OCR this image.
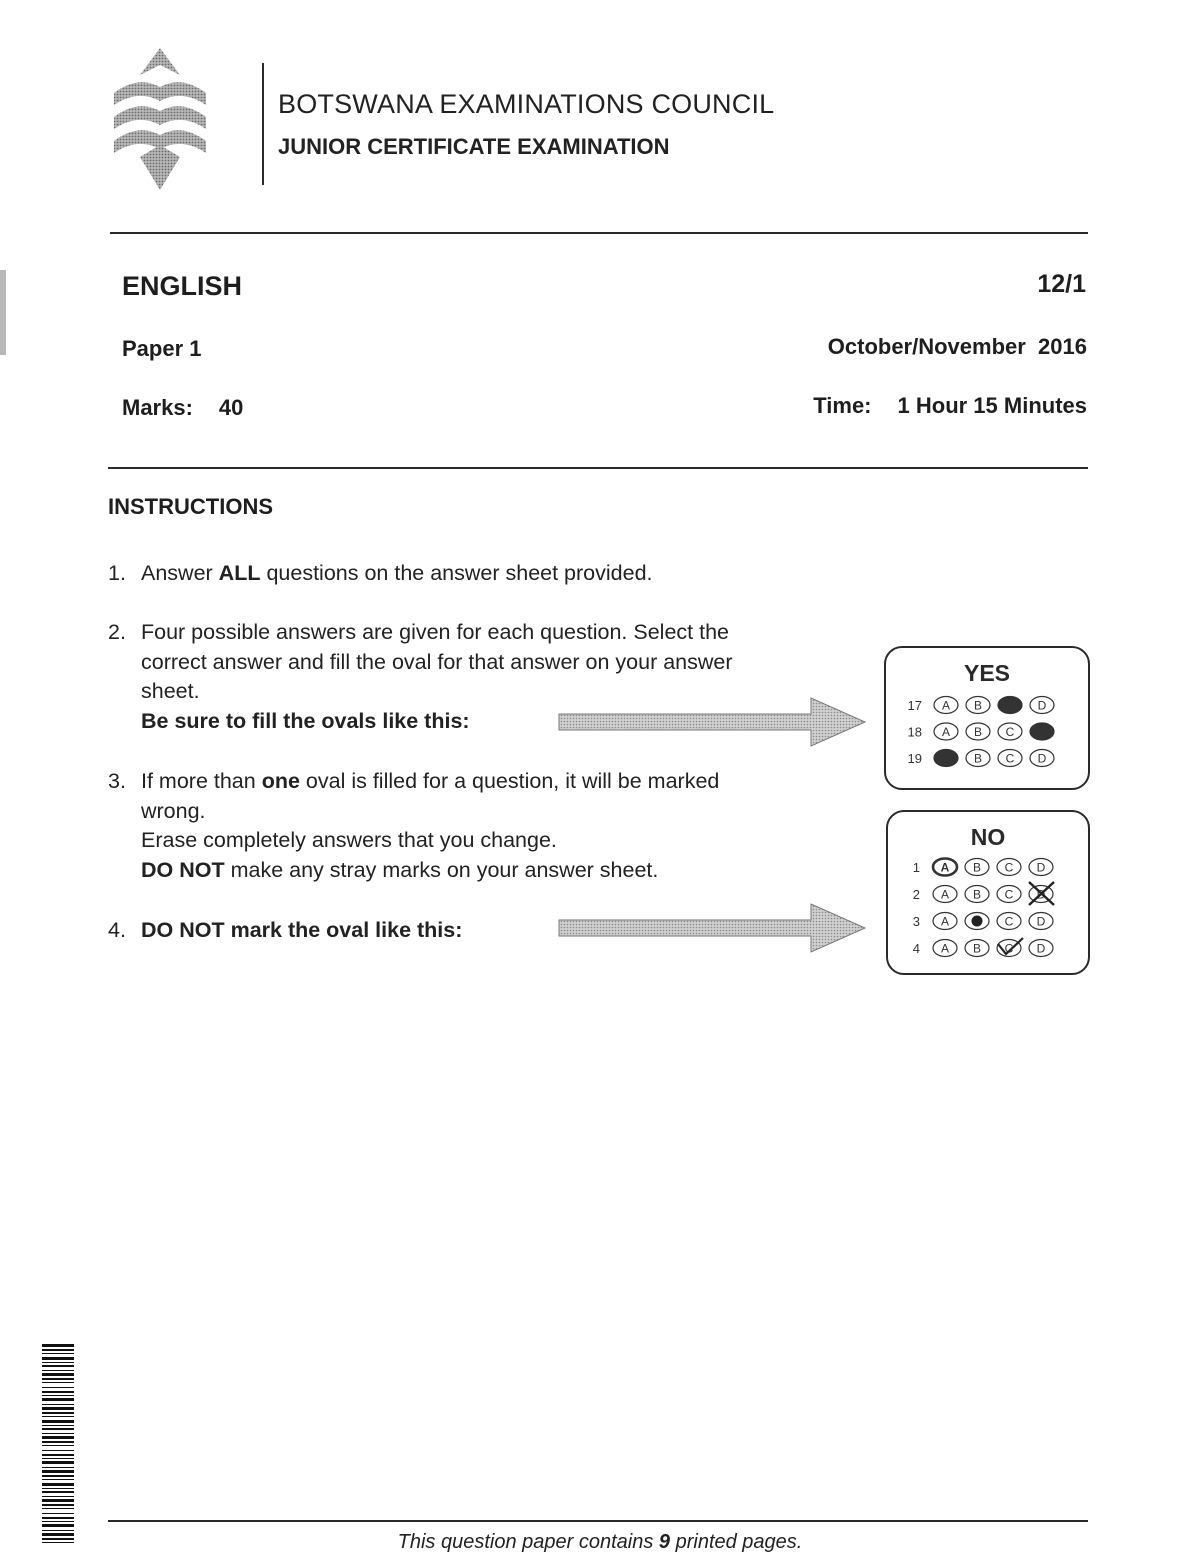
BOTSWANA EXAMINATIONS COUNCIL
JUNIOR CERTIFICATE EXAMINATION
ENGLISH	12/1
Paper 1	October/November  2016
Marks: 40	Time: 1 Hour 15 Minutes
INSTRUCTIONS
1. Answer ALL questions on the answer sheet provided.
2. Four possible answers are given for each question. Select the
correct answer and fill the oval for that answer on your answer
sheet.
Be sure to fill the ovals like this:
3. If more than one oval is filled for a question, it will be marked
wrong.
Erase completely answers that you change.
DO NOT make any stray marks on your answer sheet.
4. DO NOT mark the oval like this:
YES
17 A B	D
18 A B C
19	B C D
NO
1 A B C D
2 A B C D
3 A	C D
4 A B C D
This question paper contains 9 printed pages.
